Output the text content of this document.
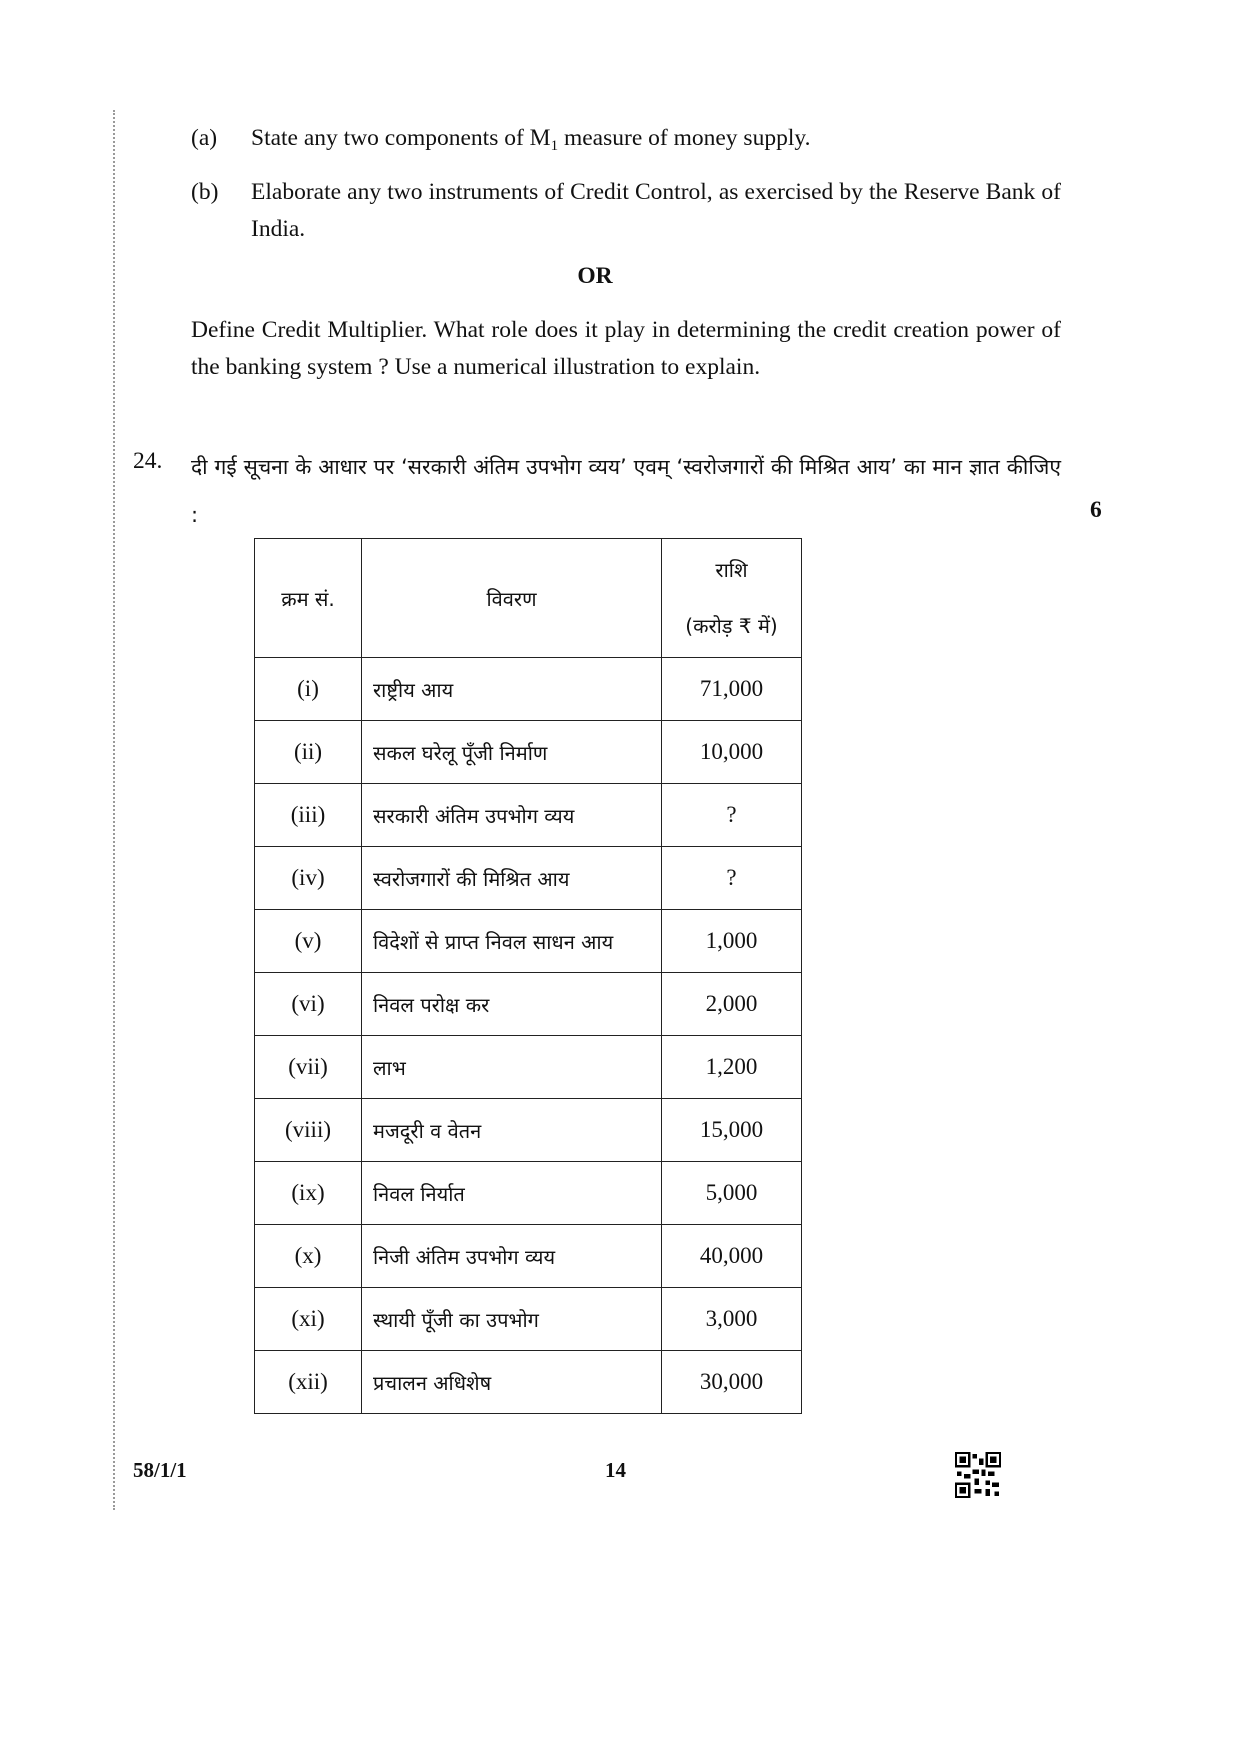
(a) State any two components of $M_1$ measure of money supply.
(b) Elaborate any two instruments of Credit Control, as exercised by the Reserve Bank of India.
OR
Define Credit Multiplier. What role does it play in determining the credit creation power of the banking system ? Use a numerical illustration to explain.
24. दी गई सूचना के आधार पर ‘सरकारी अंतिम उपभोग व्यय’ एवम् ‘स्वरोजगारों की मिश्रित आय’ का मान ज्ञात कीजिए :	6
क्रम सं.	विवरण	राशि
(करोड़ ₹ में)

(i)	राष्ट्रीय आय	71,000
(ii)	सकल घरेलू पूँजी निर्माण	10,000
(iii)	सरकारी अंतिम उपभोग व्यय	?
(iv)	स्वरोजगारों की मिश्रित आय	?
(v)	विदेशों से प्राप्त निवल साधन आय	1,000
(vi)	निवल परोक्ष कर	2,000
(vii)	लाभ	1,200
(viii)	मजदूरी व वेतन	15,000
(ix)	निवल निर्यात	5,000
(x)	निजी अंतिम उपभोग व्यय	40,000
(xi)	स्थायी पूँजी का उपभोग	3,000
(xii)	प्रचालन अधिशेष	30,000
58/1/1	14
